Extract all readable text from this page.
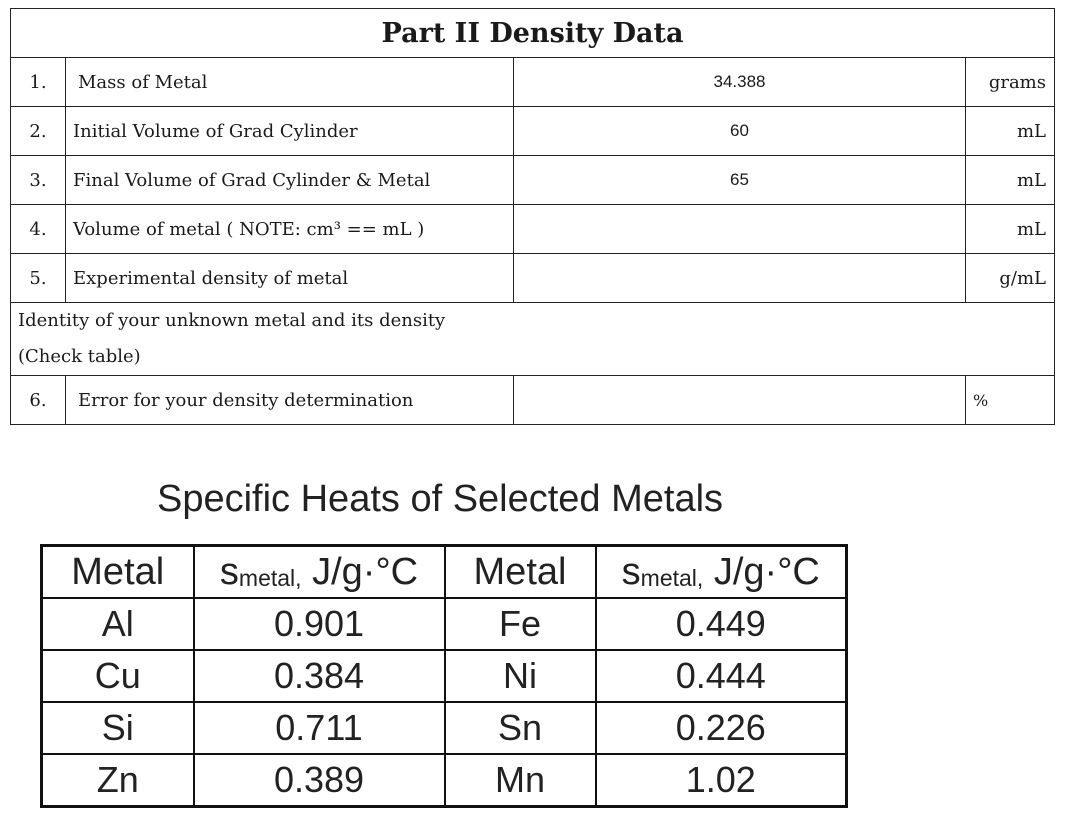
Part II Density Data			
1.	Mass of Metal	34.388	grams
2.	Initial Volume of Grad Cylinder	60	mL
3.	Final Volume of Grad Cylinder & Metal	65	mL
4.	Volume of metal ( NOTE: cm³ == mL )		mL
5.	Experimental density of metal		g/mL

Identity of your unknown metal and its density
(Check table)			

6.	Error for your density determination		%
Specific Heats of Selected Metals
Metal	$s_{metal,}$ J/g·°C	Metal	$s_{metal,}$ J/g·°C
Al	0.901	Fe	0.449
Cu	0.384	Ni	0.444
Si	0.711	Sn	0.226
Zn	0.389	Mn	1.02
